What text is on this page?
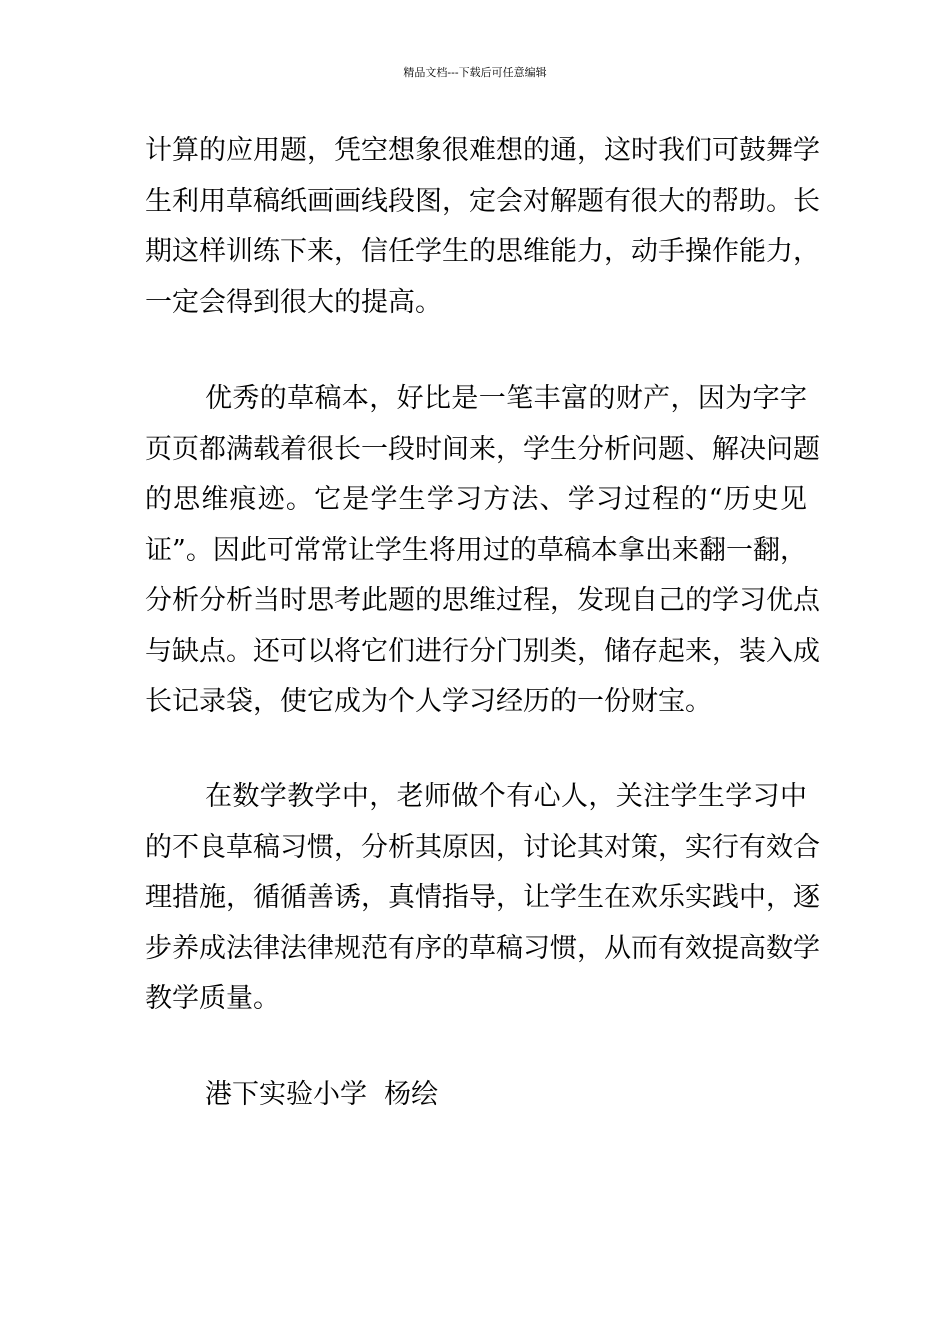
精品文档---下载后可任意编辑
计算的应用题，凭空想象很难想的通，这时我们可鼓舞学
生利用草稿纸画画线段图，定会对解题有很大的帮助。长
期这样训练下来，信任学生的思维能力，动手操作能力，
一定会得到很大的提高。
优秀的草稿本，好比是一笔丰富的财产，因为字字
页页都满载着很长一段时间来，学生分析问题、解决问题
的思维痕迹。它是学生学习方法、学习过程的“历史见
证”。因此可常常让学生将用过的草稿本拿出来翻一翻，
分析分析当时思考此题的思维过程，发现自己的学习优点
与缺点。还可以将它们进行分门别类，储存起来，装入成
长记录袋，使它成为个人学习经历的一份财宝。
在数学教学中，老师做个有心人，关注学生学习中
的不良草稿习惯，分析其原因，讨论其对策，实行有效合
理措施，循循善诱，真情指导，让学生在欢乐实践中，逐
步养成法律法律规范有序的草稿习惯，从而有效提高数学
教学质量。
港下实验小学  杨绘
